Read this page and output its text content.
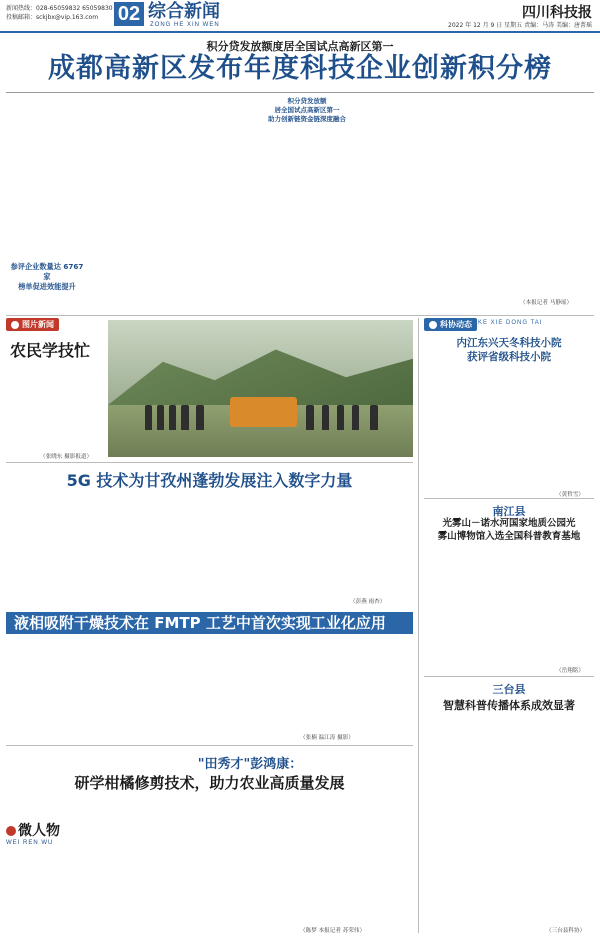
新闻热线：028-65059832 65059830
投稿邮箱：sckjbx@vip.163.com 02 综合新闻
ZONG HE XIN WEN
四川科技报
2022 年 12 月 9 日 星期五 责编：马涛 美编：唐菁瑶
积分贷发放额度居全国试点高新区第一
成都高新区发布年度科技企业创新积分榜
参评企业数量达 6767 家
榜单促进效能提升
积分贷发放额
居全国试点高新区第一
助力创新链资金链深度融合
（本报记者 马静瑶）
图片新闻
农民学技忙
（张晓东 摄影报道）
5G 技术为甘孜州蓬勃发展注入数字力量
（彭燕 雨杏）
液相吸附干燥技术在 FMTP 工艺中首次实现工业化应用
（张楠 温江涛 摄影）
"田秀才"彭鸿康：
研学柑橘修剪技术，助力农业高质量发展
微人物
WEI REN WU
（陈梦 本报记者 苏荣伟）
科协动态 KE XIE DONG TAI
内江东兴天冬科技小院
获评省级科技小院
（黄哲雪）
南江县
光雾山－诺水河国家地质公园光
雾山博物馆入选全国科普教育基地
（岳翔铭）
三台县
智慧科普传播体系成效显著
（三台县科协）
